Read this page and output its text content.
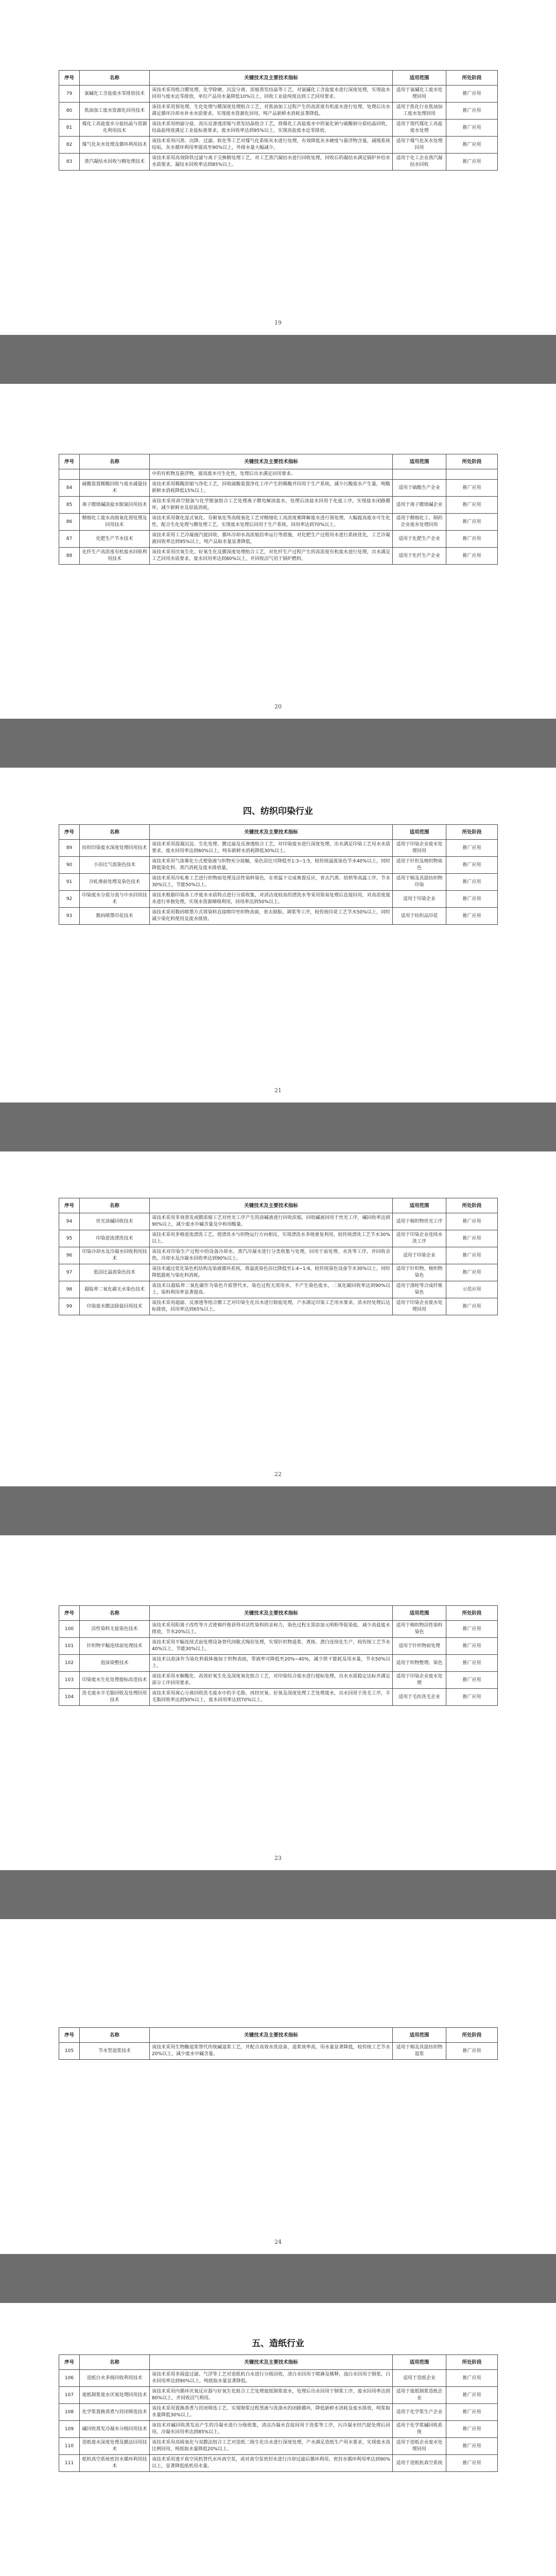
序号	名称	关键技术及主要技术指标	适用范围	所处阶段
79	氯碱化工含盐废水零排放技术	该技术采用组合膜处理、化学除硬、沉淀分离、浓缩蒸发结晶等工艺，对氯碱化工含盐废水进行深度处理，实现盐水回用与废水近零排放，单位产品用水量降低10%以上，回收工业盐纯度达到工艺回用要求。	适用于氯碱化工废水处理回用	推广应用
80	焦油加工废水资源化回用技术	该技术采用预处理、生化处理与膜深度处理组合工艺，对焦油加工过程产生的高浓度有机废水进行处理，处理后出水满足循环冷却水补水水质要求，实现废水资源化回用，吨产品新鲜水消耗显著降低。	适用于焦化行业焦油加工废水处理回用	推广应用
81	煤化工高盐废水分盐结晶与资源化利用技术	该技术采用纳滤分盐、高压反渗透浓缩与蒸发结晶组合工艺，将煤化工高盐废水中的氯化钠与硫酸钠分质结晶回收，结晶盐纯度满足工业盐标准要求，废水回收率达到95%以上，实现高盐废水近零排放。	适用于现代煤化工高盐废水处理	推广应用
82	煤气化灰水处理及循环利用技术	该技术采用闪蒸、沉降、过滤、软化等工艺对煤气化系统灰水进行处理，有效降低灰水硬度与悬浮物含量，减缓系统结垢，灰水循环利用率提高至90%以上，外排水量大幅减少。	适用于煤气化灰水处理回用	推广应用
83	蒸汽凝结水回收与精处理技术	该技术采用高效除铁过滤与离子交换精处理工艺，对工艺蒸汽凝结水进行回收处理，回收后的凝结水满足锅炉补给水水质要求，凝结水回收率达到85%以上。	适用于化工企业蒸汽凝结水回收	推广应用
19
序号	名称	关键技术及主要技术指标	适用范围	所处阶段
		中的有机物及悬浮物，提高废水可生化性，处理后出水满足回用要求。		
84	硫酸装置稀酸回收与废水减量技术	该技术采用稀酸浓缩与净化工艺，回收硫酸装置净化工序产生的稀酸并回用于生产系统，减少污酸废水产生量，吨酸新鲜水消耗降低15%以上。	适用于硫酸生产企业	推广应用
85	离子膜烧碱淡盐水脱氯回用技术	该技术采用真空脱氯与化学脱氯组合工艺处理离子膜电解淡盐水，处理后淡盐水回用于化盐工序，实现盐水闭路循环，减少新鲜水及原盐消耗。	适用于离子膜烧碱企业	推广应用
86	精细化工废水高级氧化预处理及回用技术	该技术采用催化湿式氧化、芬顿氧化等高级氧化工艺对精细化工高浓度难降解废水进行预处理，大幅提高废水可生化性，配合生化处理与膜处理工艺，实现废水处理后回用于生产系统，回用率达到70%以上。	适用于精细化工、制药企业废水处理回用	推广应用
87	化肥生产节水技术	该技术采用工艺冷凝液汽提回收、循环冷却水高浓缩倍率运行等措施，对化肥生产过程用水进行系统优化，工艺冷凝液回收率达到95%以上，吨产品取水量显著降低。	适用于化肥生产企业	推广应用
88	化纤生产高浓度有机废水回收利用技术	该技术采用厌氧生化、好氧生化及膜深度处理组合工艺，对化纤生产过程产生的高浓度有机废水进行处理，出水满足工艺回用水质要求，废水回用率达到80%以上，并回收沼气用于锅炉燃料。	适用于化纤生产企业	推广应用
20
四、纺织印染行业
序号	名称	关键技术及主要技术指标	适用范围	所处阶段
89	纺织印染废水深度处理回用技术	该技术采用混凝沉淀、生化处理、膜过滤及反渗透组合工艺，对印染废水进行深度处理，出水满足印染工艺用水水质要求，废水回用率达到60%以上，吨布新鲜水消耗降低30%以上。	适用于印染企业废水处理回用	推广应用
90	小浴比气流染色技术	该技术采用气流雾化方式使染液与织物充分接触，染色浴比可降低至1:3~1:5，较传统溢流染色节水40%以上，同时降低染化料、蒸汽消耗及废水排放量。	适用于针织及梭织物染色	推广应用
91	冷轧堆前处理及染色技术	该技术采用冷轧堆工艺进行织物前处理及活性染料染色，在常温下完成堆置反应，省去汽蒸、焙烘等高温工序，节水30%以上，节能50%以上。	适用于棉及其混纺织物印染	推广应用
92	印染废水分质分流与中水回用技术	该技术根据印染各工序废水水质特点进行分质收集，对清洁度较高的漂洗水等采用简易处理后直接回用，对高浓度废水进行单独处理，实现水资源梯级利用，回用率达到50%以上。	适用于印染企业	推广应用
93	数码喷墨印花技术	该技术采用数码喷墨方式将染料直接喷印至织物表面，省去制版、调浆等工序，较传统印花工艺节水50%以上，同时减少染化料使用及废水排放。	适用于纺织品印花	推广应用
21
序号	名称	关键技术及主要技术指标	适用范围	所处阶段
94	丝光淡碱回收技术	该技术采用多效蒸发或膜浓缩工艺对丝光工序产生的淡碱液进行回收浓缩，回收碱液回用于丝光工序，碱回收率达到90%以上，减少废水中碱含量及中和用酸量。	适用于棉织物丝光工序	推广应用
95	印染逆流漂洗技术	该技术采用多格逆流漂洗工艺，使漂洗水与织物运行方向相反，实现漂洗水多级重复利用，较传统漂洗工艺节水30%以上。	适用于印染企业连续水洗工序	推广应用
96	印染冷却水及冷凝水回收利用技术	该技术对印染生产过程中的设备冷却水、蒸汽冷凝水进行分类收集与处理，回用于前处理、水洗等工序，并回收余热，冷却水及冷凝水回收率达到90%以上。	适用于印染企业	推广应用
97	低浴比溢流染色技术	该技术通过优化染色机结构及染液循环系统，将溢流染色浴比降低至1:4~1:6，较传统染色设备节水30%以上，同时降低能耗与染化料消耗。	适用于针织物、梭织物染色	推广应用
98	超临界二氧化碳无水染色技术	该技术以超临界二氧化碳作为染色介质替代水，染色过程无需用水，不产生染色废水，二氧化碳回收率达到90%以上，染料利用率显著提高。	适用于涤纶等合成纤维染色	示范应用
99	印染废水膜法除盐回用技术	该技术采用超滤、反渗透等组合膜工艺对印染生化出水进行除盐处理，产水满足印染工艺用水要求，浓水经处理后达标排放，回用率达到65%以上。	适用于印染企业废水处理回用	推广应用
22
序号	名称	关键技术及主要技术指标	适用范围	所处阶段
100	活性染料无盐染色技术	该技术采用阳离子改性等方式使棉纤维获得对活性染料的亲和力，染色过程无需添加元明粉等促染盐，减少高盐废水排放，节水20%以上。	适用于棉织物活性染料染色	推广应用
101	针织物平幅连续前处理技术	该技术采用平幅连续式前处理设备替代间歇式绳状处理，实现针织物退浆、煮练、漂白连续化生产，较传统工艺节水40%以上，节能30%以上。	适用于针织物前处理	推广应用
102	泡沫染整技术	该技术以泡沫作为染化料载体施加于织物表面，带液率可降低至20%~40%，减少烘干能耗及用水量，节水50%以上。	适用于织物整理、染色	推广应用
103	印染废水生化处理提标改造技术	该技术采用水解酸化、高效好氧生化及深度氧化组合工艺，对印染综合废水进行提标处理，出水水质稳定达标并满足部分工序回用要求。	适用于印染企业废水处理	推广应用
104	洗毛废水羊毛脂回收及处理回用技术	该技术采用离心分离回收洗毛废水中的羊毛脂，再经厌氧、好氧及深度处理工艺处理废水，出水回用于洗毛工序，羊毛脂回收率达到50%以上，废水回用率达到70%以上。	适用于毛纺洗毛企业	推广应用
23
序号	名称	关键技术及主要技术指标	适用范围	所处阶段
105	节水型退浆技术	该技术采用生物酶退浆替代传统碱退浆工艺，并配合高效水洗设备，退浆效率高，用水量显著降低，较传统工艺节水20%以上，减少废水中碱含量。	适用于棉及其混纺织物退浆	推广应用
24
五、造纸行业
序号	名称	关键技术及主要技术指标	适用范围	所处阶段
106	造纸白水多级回收利用技术	该技术采用多圆盘过滤、气浮等工艺对造纸机白水进行分级回收，清白水回用于喷淋及稀释，浊白水回用于制浆，白水回用率达到90%以上，吨纸取水量显著降低。	适用于造纸企业	推广应用
107	废纸制浆废水厌氧处理回用技术	该技术采用内循环厌氧反应器与好氧生化组合工艺处理废纸制浆废水，处理后出水回用于制浆工序，废水回用率达到80%以上，并回收沼气利用。	适用于废纸制浆造纸企业	推广应用
108	化学浆置换蒸煮与封闭筛选技术	该技术采用置换蒸煮与封闭筛选工艺，实现制浆过程黑液与洗涤水的闭路循环，降低新鲜水消耗及废水排放，吨浆取水量降低30%以上。	适用于化学浆生产企业	推广应用
109	碱回收蒸发冷凝水分级回用技术	该技术对碱回收蒸发站产生的冷凝水进行分级收集，清洁冷凝水直接回用于洗浆等工序，污冷凝水经汽提处理后回用，冷凝水回用率达到85%以上。	适用于化学浆碱回收系统	推广应用
110	造纸废水深度处理及膜法回用技术	该技术采用高级氧化与双膜法组合工艺对造纸二级生化出水进行深度处理，产水满足造纸生产用水要求，实现废水高比例回用，吨纸取水量降低20%以上。	适用于造纸企业废水处理回用	推广应用
111	纸机真空系统密封水循环利用技术	该技术采用透平真空风机替代水环真空泵，或对真空泵密封水进行冷却过滤后循环利用，密封水循环利用率达到90%以上，显著降低纸机用水量。	适用于造纸机真空系统	推广应用
